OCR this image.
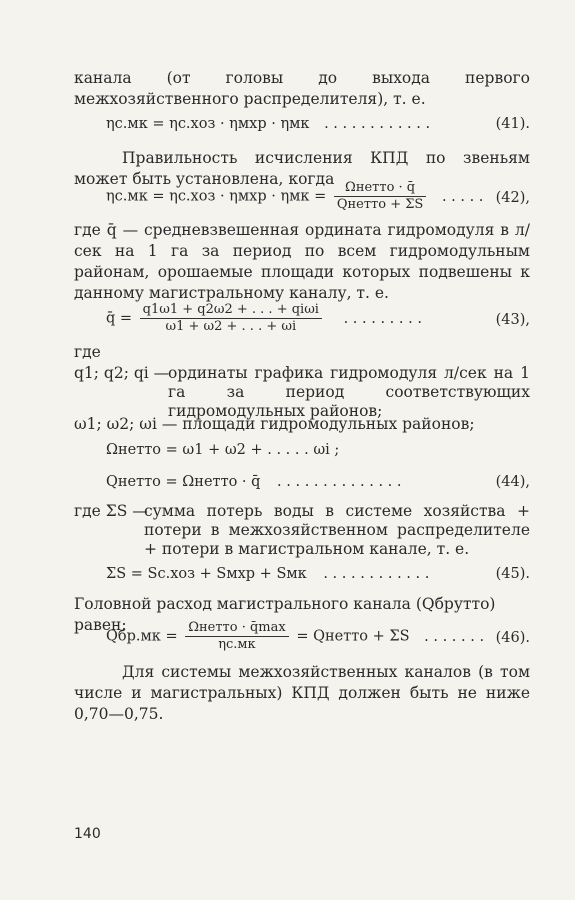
канала (от головы до выхода первого межхозяйственного распределителя), т. е.
ηс.мк = ηс.хоз · ηмхр · ηмк . . . . . . . . . . . .	(41).
Правильность исчисления КПД по звеньям может быть установлена, когда
$\eta с.мк = \eta с.хоз \cdot \eta мхр \cdot \eta мк = \frac{\text{Ωнетто · q̄}}{\text{Qнетто + ΣS}}$ . . . . . (42),
где q̄ — средневзвешенная ордината гидромодуля в л/сек на 1 га за период по всем гидромодульным районам, орошаемые площади которых подвешены к данному магистральному каналу, т. е.
q̄ = $\frac{\text{q1ω1 + q2ω2 + . . . + qiωi}}{\omega 1 + \omega 2 + . . . + \omega i}$ . . . . . . . . .	(43),
где
q1; q2; qi —
ординаты графика гидромодуля л/сек на 1 га за период соответствующих гидромодульных районов;
ω1; ω2; ωi — площади гидромодульных районов;
Ωнетто = ω1 + ω2 + . . . . . ωi ;
Qнетто = Ωнетто · q̄ . . . . . . . . . . . . . .	(44),
где ΣS —
сумма потерь воды в системе хозяйства + потери в межхозяйственном распределителе + потери в магистральном канале, т. е.
ΣS = Sс.хоз + Sмхр + Sмк . . . . . . . . . . . .	(45).
Головной расход магистрального канала (Qбрутто) равен:
$Qбр.мк = \frac{\text{Ωнетто · q̄max}}{\eta с.мк}$ = Qнетто + ΣS . . . . . . . (46).
Для системы межхозяйственных каналов (в том числе и магистральных) КПД должен быть не ниже 0,70—0,75.
140
